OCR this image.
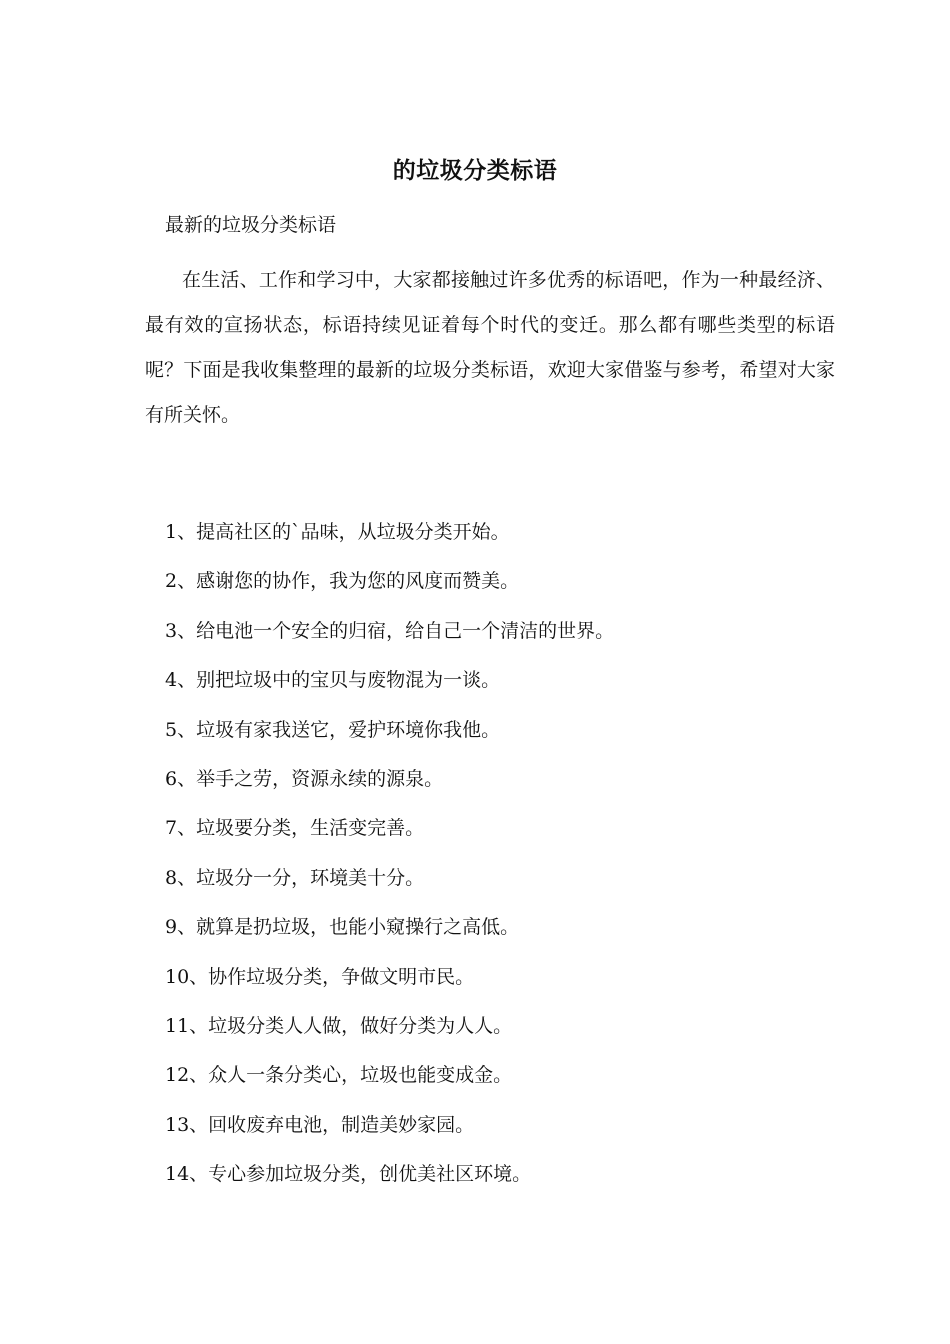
的垃圾分类标语
最新的垃圾分类标语

在生活、工作和学习中，大家都接触过许多优秀的标语吧，作为一种最经济、最有效的宣扬状态，标语持续见证着每个时代的变迁。那么都有哪些类型的标语呢？下面是我收集整理的最新的垃圾分类标语，欢迎大家借鉴与参考，希望对大家有所关怀。

1、提高社区的`品味，从垃圾分类开始。
2、感谢您的协作，我为您的风度而赞美。
3、给电池一个安全的归宿，给自己一个清洁的世界。
4、别把垃圾中的宝贝与废物混为一谈。
5、垃圾有家我送它，爱护环境你我他。
6、举手之劳，资源永续的源泉。
7、垃圾要分类，生活变完善。
8、垃圾分一分，环境美十分。
9、就算是扔垃圾，也能小窥操行之高低。
10、协作垃圾分类，争做文明市民。
11、垃圾分类人人做，做好分类为人人。
12、众人一条分类心，垃圾也能变成金。
13、回收废弃电池，制造美妙家园。
14、专心参加垃圾分类，创优美社区环境。
